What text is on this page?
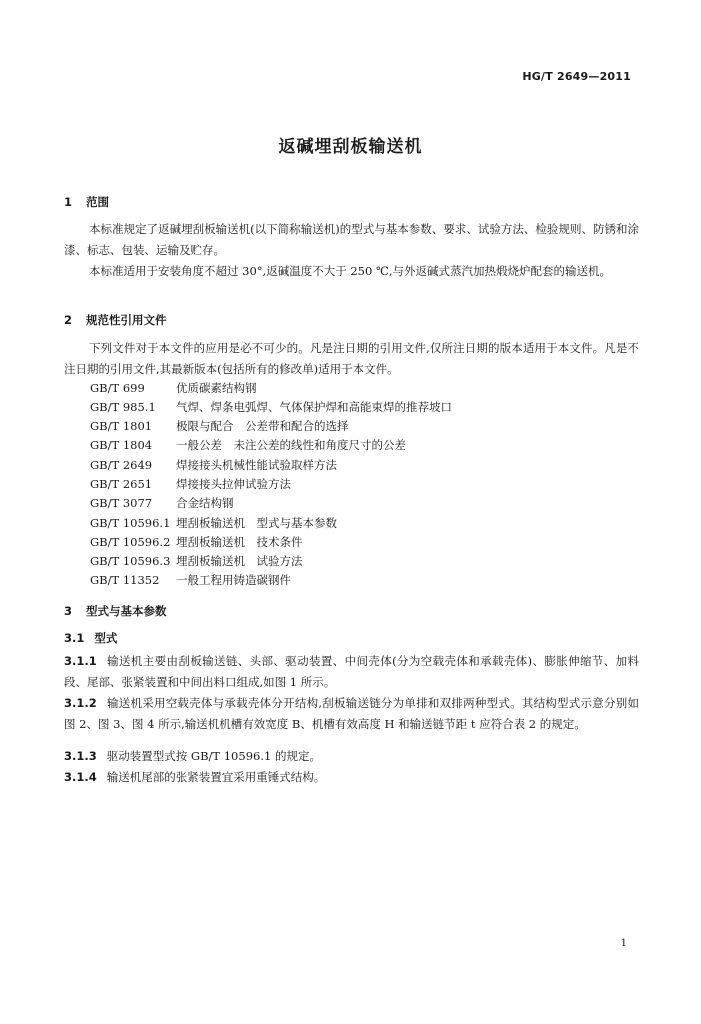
HG/T 2649—2011
返碱埋刮板输送机
1 范围

本标准规定了返碱埋刮板输送机(以下简称输送机)的型式与基本参数、要求、试验方法、检验规则、防锈和涂漆、标志、包装、运输及贮存。

本标准适用于安装角度不超过 30°,返碱温度不大于 250 ℃,与外返碱式蒸汽加热煅烧炉配套的输送机。

2 规范性引用文件

下列文件对于本文件的应用是必不可少的。凡是注日期的引用文件,仅所注日期的版本适用于本文件。凡是不注日期的引用文件,其最新版本(包括所有的修改单)适用于本文件。

GB/T 699	优质碳素结构钢
GB/T 985.1 气焊、焊条电弧焊、气体保护焊和高能束焊的推荐坡口
GB/T 1801 极限与配合　公差带和配合的选择
GB/T 1804 一般公差　未注公差的线性和角度尺寸的公差
GB/T 2649 焊接接头机械性能试验取样方法
GB/T 2651 焊接接头拉伸试验方法
GB/T 3077 合金结构钢
GB/T 10596.1 埋刮板输送机　型式与基本参数
GB/T 10596.2 埋刮板输送机　技术条件
GB/T 10596.3 埋刮板输送机　试验方法
GB/T 11352 一般工程用铸造碳钢件
3 型式与基本参数
3.1 型式

3.1.1 输送机主要由刮板输送链、头部、驱动装置、中间壳体(分为空载壳体和承载壳体)、膨胀伸缩节、加料段、尾部、张紧装置和中间出料口组成,如图 1 所示。

3.1.2 输送机采用空载壳体与承载壳体分开结构,刮板输送链分为单排和双排两种型式。其结构型式示意分别如图 2、图 3、图 4 所示,输送机机槽有效宽度 B、机槽有效高度 H 和输送链节距 t 应符合表 2 的规定。

3.1.3 驱动装置型式按 GB/T 10596.1 的规定。

3.1.4 输送机尾部的张紧装置宜采用重锤式结构。

1
